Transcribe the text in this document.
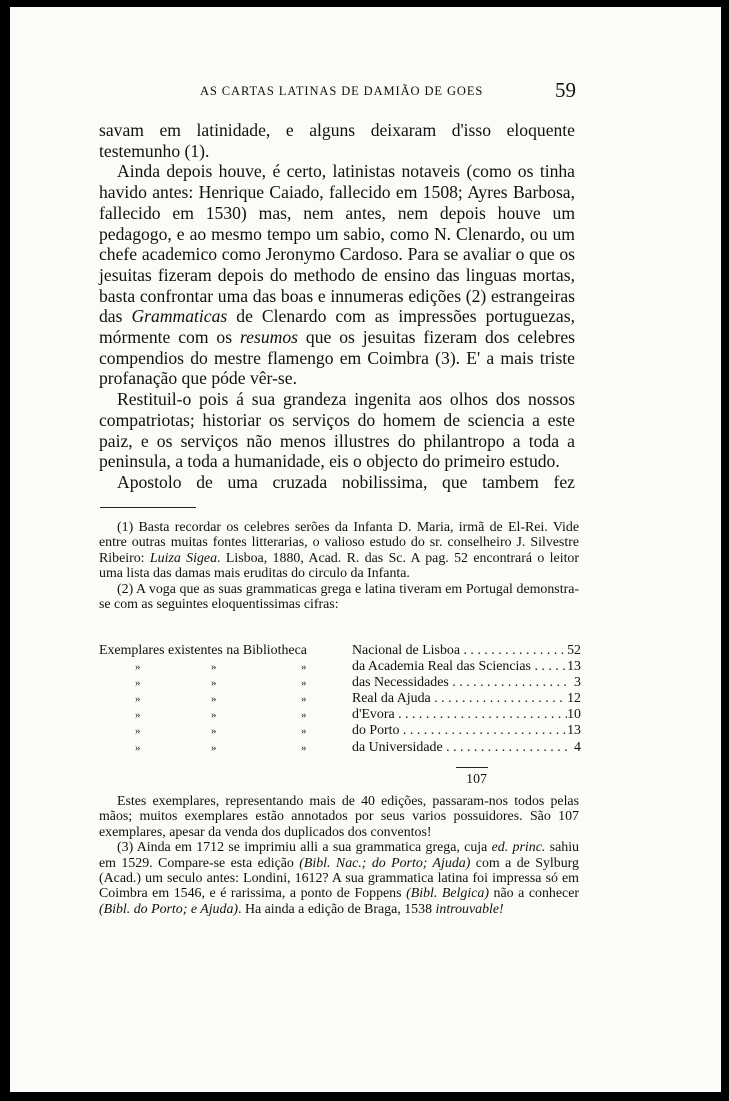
AS CARTAS LATINAS DE DAMIÃO DE GOES	59

savam em latinidade, e alguns deixaram d'isso eloquente testemunho (1).

Ainda depois houve, é certo, latinistas notaveis (como os tinha havido antes: Henrique Caiado, fallecido em 1508; Ayres Barbosa, fallecido em 1530) mas, nem antes, nem depois houve um pedagogo, e ao mesmo tempo um sabio, como N. Clenardo, ou um chefe academico como Jeronymo Cardoso. Para se avaliar o que os jesuitas fizeram depois do methodo de ensino das linguas mortas, basta confrontar uma das boas e innumeras edições (2) estrangeiras das Grammaticas de Clenardo com as impressões portuguezas, mórmente com os resumos que os jesuitas fizeram dos celebres compendios do mestre flamengo em Coimbra (3). E' a mais triste profanação que póde vêr-se.

Restituil-o pois á sua grandeza ingenita aos olhos dos nossos compatriotas; historiar os serviços do homem de sciencia a este paiz, e os serviços não menos illustres do philantropo a toda a peninsula, a toda a humanidade, eis o objecto do primeiro estudo.

Apostolo de uma cruzada nobilissima, que tambem fez

(1) Basta recordar os celebres serões da Infanta D. Maria, irmã de El-Rei. Vide entre outras muitas fontes litterarias, o valioso estudo do sr. conselheiro J. Silvestre Ribeiro: Luiza Sigea. Lisboa, 1880, Acad. R. das Sc. A pag. 52 encontrará o leitor uma lista das damas mais eruditas do circulo da Infanta.

(2) A voga que as suas grammaticas grega e latina tiveram em Portugal demonstra-se com as seguintes eloquentissimas cifras:

Exemplares existentes na Bibliotheca	Nacional de Lisboa . . .	52
»	»	»	da Academia Real das Sciencias . . .	13
»	»	»	das Necessidades . . .	3
»	»	»	Real da Ajuda . . .	12
»	»	»	d'Evora . . .	10
»	»	»	do Porto . . .	13
»	»	»	da Universidade . . .	4
107

Estes exemplares, representando mais de 40 edições, passaram-nos todos pelas mãos; muitos exemplares estão annotados por seus varios possuidores. São 107 exemplares, apesar da venda dos duplicados dos conventos!

(3) Ainda em 1712 se imprimiu alli a sua grammatica grega, cuja ed. princ. sahiu em 1529. Compare-se esta edição (Bibl. Nac.; do Porto; Ajuda) com a de Sylburg (Acad.) um seculo antes: Londini, 1612? A sua grammatica latina foi impressa só em Coimbra em 1546, e é rarissima, a ponto de Foppens (Bibl. Belgica) não a conhecer (Bibl. do Porto; e Ajuda). Ha ainda a edição de Braga, 1538 introuvable!
